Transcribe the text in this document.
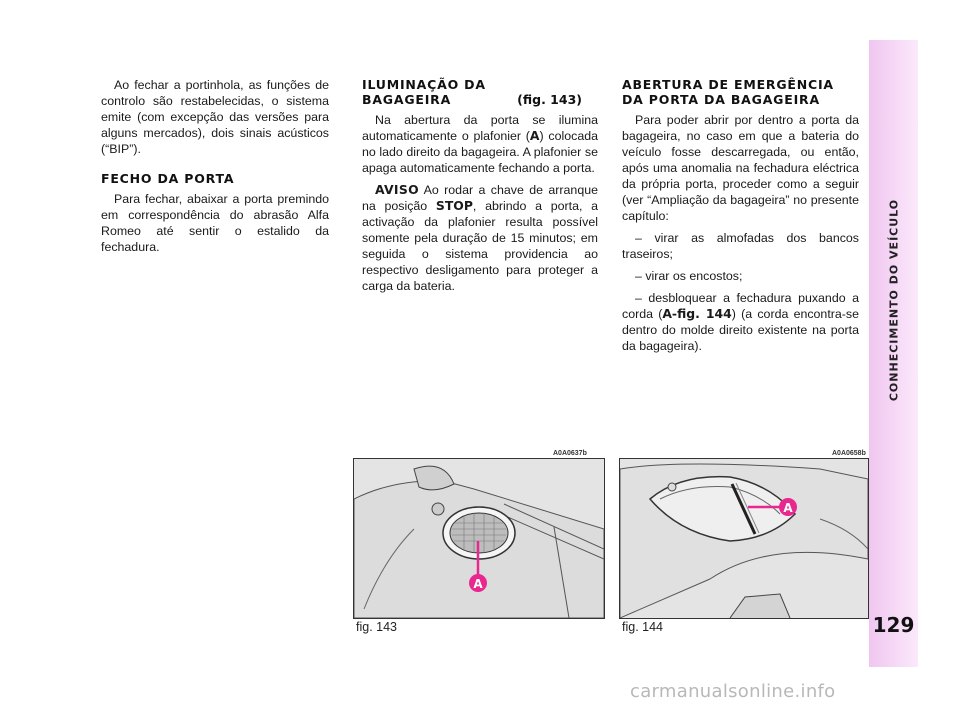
Ao fechar a portinhola, as funções de controlo são restabelecidas, o sistema emite (com excepção das versões para alguns mercados), dois sinais acústicos (“BIP”).

FECHO DA PORTA

Para fechar, abaixar a porta premindo em correspondência do abrasão Alfa Romeo até sentir o estalido da fechadura.

ILUMINAÇÃO DA BAGAGEIRA	(fig. 143)

Na abertura da porta se ilumina automaticamente o plafonier (A) colocada no lado direito da bagageira. A plafonier se apaga automaticamente fechando a porta.

AVISO Ao rodar a chave de arranque na posição STOP, abrindo a porta, a activação da plafonier resulta possível somente pela duração de 15 minutos; em seguida o sistema providencia ao respectivo desligamento para proteger a carga da bateria.

ABERTURA DE EMERGÊNCIA
DA PORTA DA BAGAGEIRA

Para poder abrir por dentro a porta da bagageira, no caso em que a bateria do veículo fosse descarregada, ou então, após uma anomalia na fechadura eléctrica da própria porta, proceder como a seguir (ver “Ampliação da bagageira” no presente capítulo:

– virar as almofadas dos bancos traseiros;

– virar os encostos;

– desbloquear a fechadura puxando a corda (A-fig. 144) (a corda encontra-se dentro do molde direito existente na porta da bagageira).

A0A0637b
A
fig. 143
A0A0658b
A
fig. 144
CONHECIMENTO DO VEÍCULO
129
carmanualsonline.info
